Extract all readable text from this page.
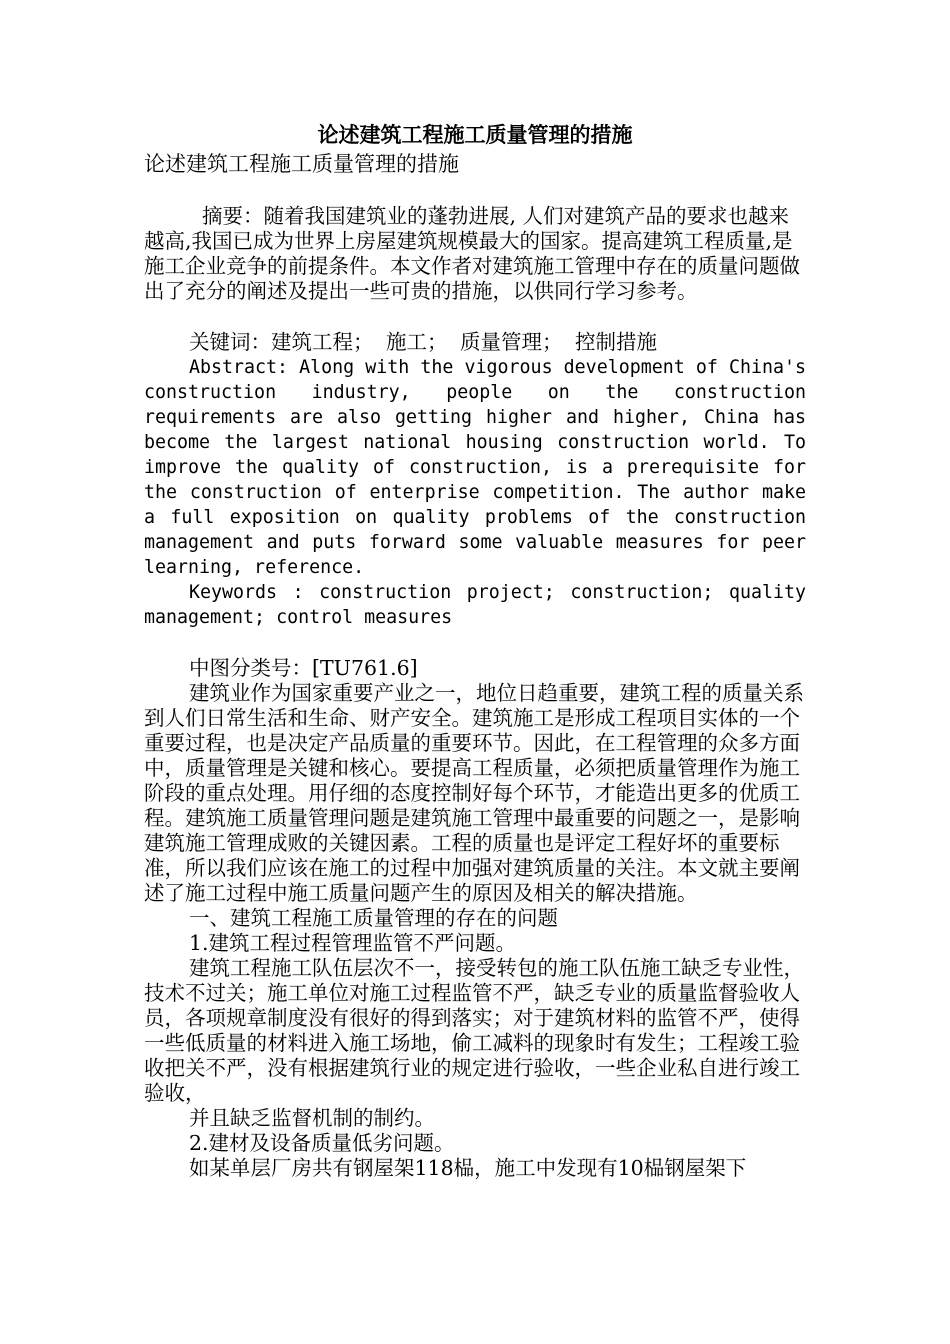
论述建筑工程施工质量管理的措施

论述建筑工程施工质量管理的措施

摘要：随着我国建筑业的蓬勃进展, 人们对建筑产品的要求也越来越高,我国已成为世界上房屋建筑规模最大的国家。提高建筑工程质量,是施工企业竞争的前提条件。本文作者对建筑施工管理中存在的质量问题做出了充分的阐述及提出一些可贵的措施，以供同行学习参考。

关键词：建筑工程； 施工； 质量管理； 控制措施

Abstract: Along with the vigorous development of China's construction industry, people on the construction requirements are also getting higher and higher, China has become the largest national housing construction world. To improve the quality of construction, is a prerequisite for the construction of enterprise competition. The author make a full exposition on quality problems of the construction management and puts forward some valuable measures for peer learning, reference.

Keywords : construction project; construction; quality management; control measures

中图分类号：[TU761.6]

建筑业作为国家重要产业之一，地位日趋重要，建筑工程的质量关系到人们日常生活和生命、财产安全。建筑施工是形成工程项目实体的一个重要过程，也是决定产品质量的重要环节。因此，在工程管理的众多方面中，质量管理是关键和核心。要提高工程质量，必须把质量管理作为施工阶段的重点处理。用仔细的态度控制好每个环节，才能造出更多的优质工程。建筑施工质量管理问题是建筑施工管理中最重要的问题之一，是影响建筑施工管理成败的关键因素。工程的质量也是评定工程好坏的重要标准，所以我们应该在施工的过程中加强对建筑质量的关注。本文就主要阐述了施工过程中施工质量问题产生的原因及相关的解决措施。

一、建筑工程施工质量管理的存在的问题

1.建筑工程过程管理监管不严问题。

建筑工程施工队伍层次不一，接受转包的施工队伍施工缺乏专业性，技术不过关；施工单位对施工过程监管不严，缺乏专业的质量监督验收人员，各项规章制度没有很好的得到落实；对于建筑材料的监管不严，使得一些低质量的材料进入施工场地，偷工减料的现象时有发生；工程竣工验收把关不严，没有根据建筑行业的规定进行验收，一些企业私自进行竣工验收，

并且缺乏监督机制的制约。

2.建材及设备质量低劣问题。

如某单层厂房共有钢屋架118榀，施工中发现有10榀钢屋架下
